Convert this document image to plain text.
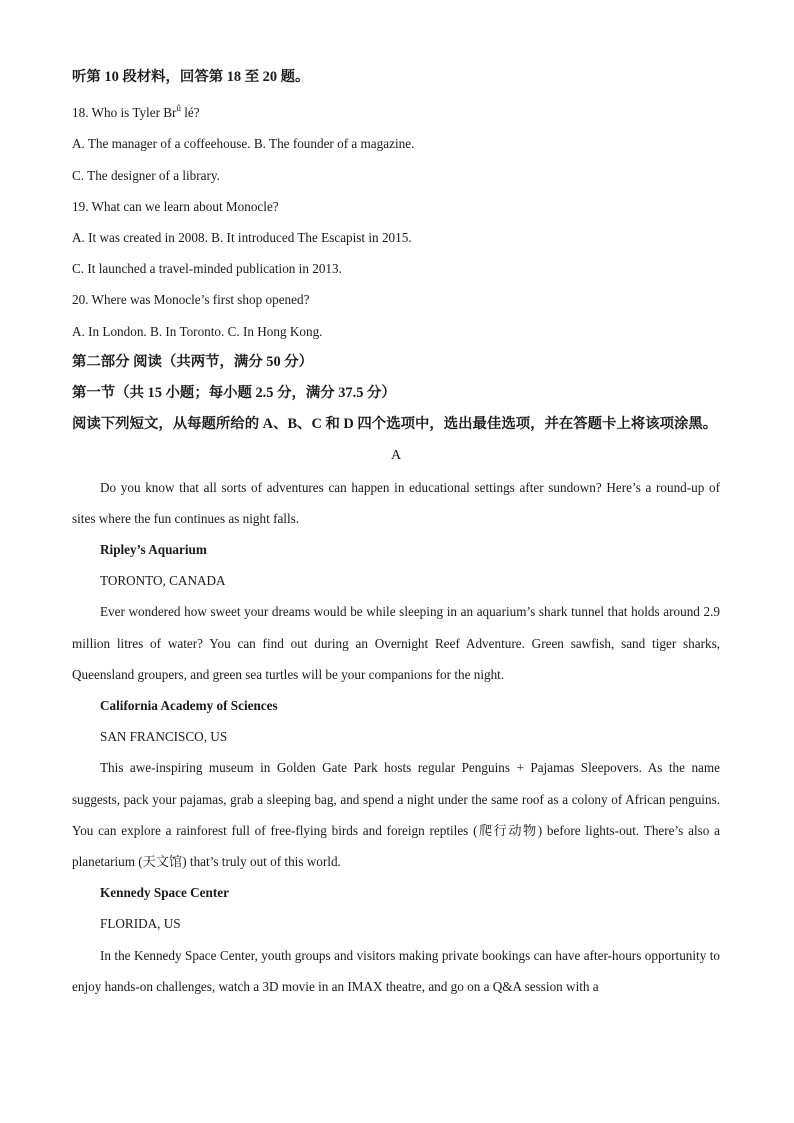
听第 10 段材料，回答第 18 至 20 题。
18. Who is Tyler $Br^ȗ$ lé?
A. The manager of a coffeehouse. B. The founder of a magazine.
C. The designer of a library.
19. What can we learn about Monocle?
A. It was created in 2008. B. It introduced The Escapist in 2015.
C. It launched a travel-minded publication in 2013.
20. Where was Monocle’s first shop opened?
A. In London. B. In Toronto. C. In Hong Kong.
第二部分 阅读（共两节，满分 50 分）
第一节（共 15 小题；每小题 2.5 分，满分 37.5 分）
阅读下列短文，从每题所给的 A、B、C 和 D 四个选项中，选出最佳选项，并在答题卡上将该项涂黑。
A
Do you know that all sorts of adventures can happen in educational settings after sundown? Here’s a round-up of sites where the fun continues as night falls.
Ripley’s Aquarium
TORONTO, CANADA
Ever wondered how sweet your dreams would be while sleeping in an aquarium’s shark tunnel that holds around 2.9 million litres of water? You can find out during an Overnight Reef Adventure. Green sawfish, sand tiger sharks, Queensland groupers, and green sea turtles will be your companions for the night.
California Academy of Sciences
SAN FRANCISCO, US
This awe-inspiring museum in Golden Gate Park hosts regular Penguins + Pajamas Sleepovers. As the name suggests, pack your pajamas, grab a sleeping bag, and spend a night under the same roof as a colony of African penguins. You can explore a rainforest full of free-flying birds and foreign reptiles (爬行动物) before lights-out. There’s also a planetarium (天文馆) that’s truly out of this world.
Kennedy Space Center
FLORIDA, US
In the Kennedy Space Center, youth groups and visitors making private bookings can have after-hours opportunity to enjoy hands-on challenges, watch a 3D movie in an IMAX theatre, and go on a Q&A session with a
